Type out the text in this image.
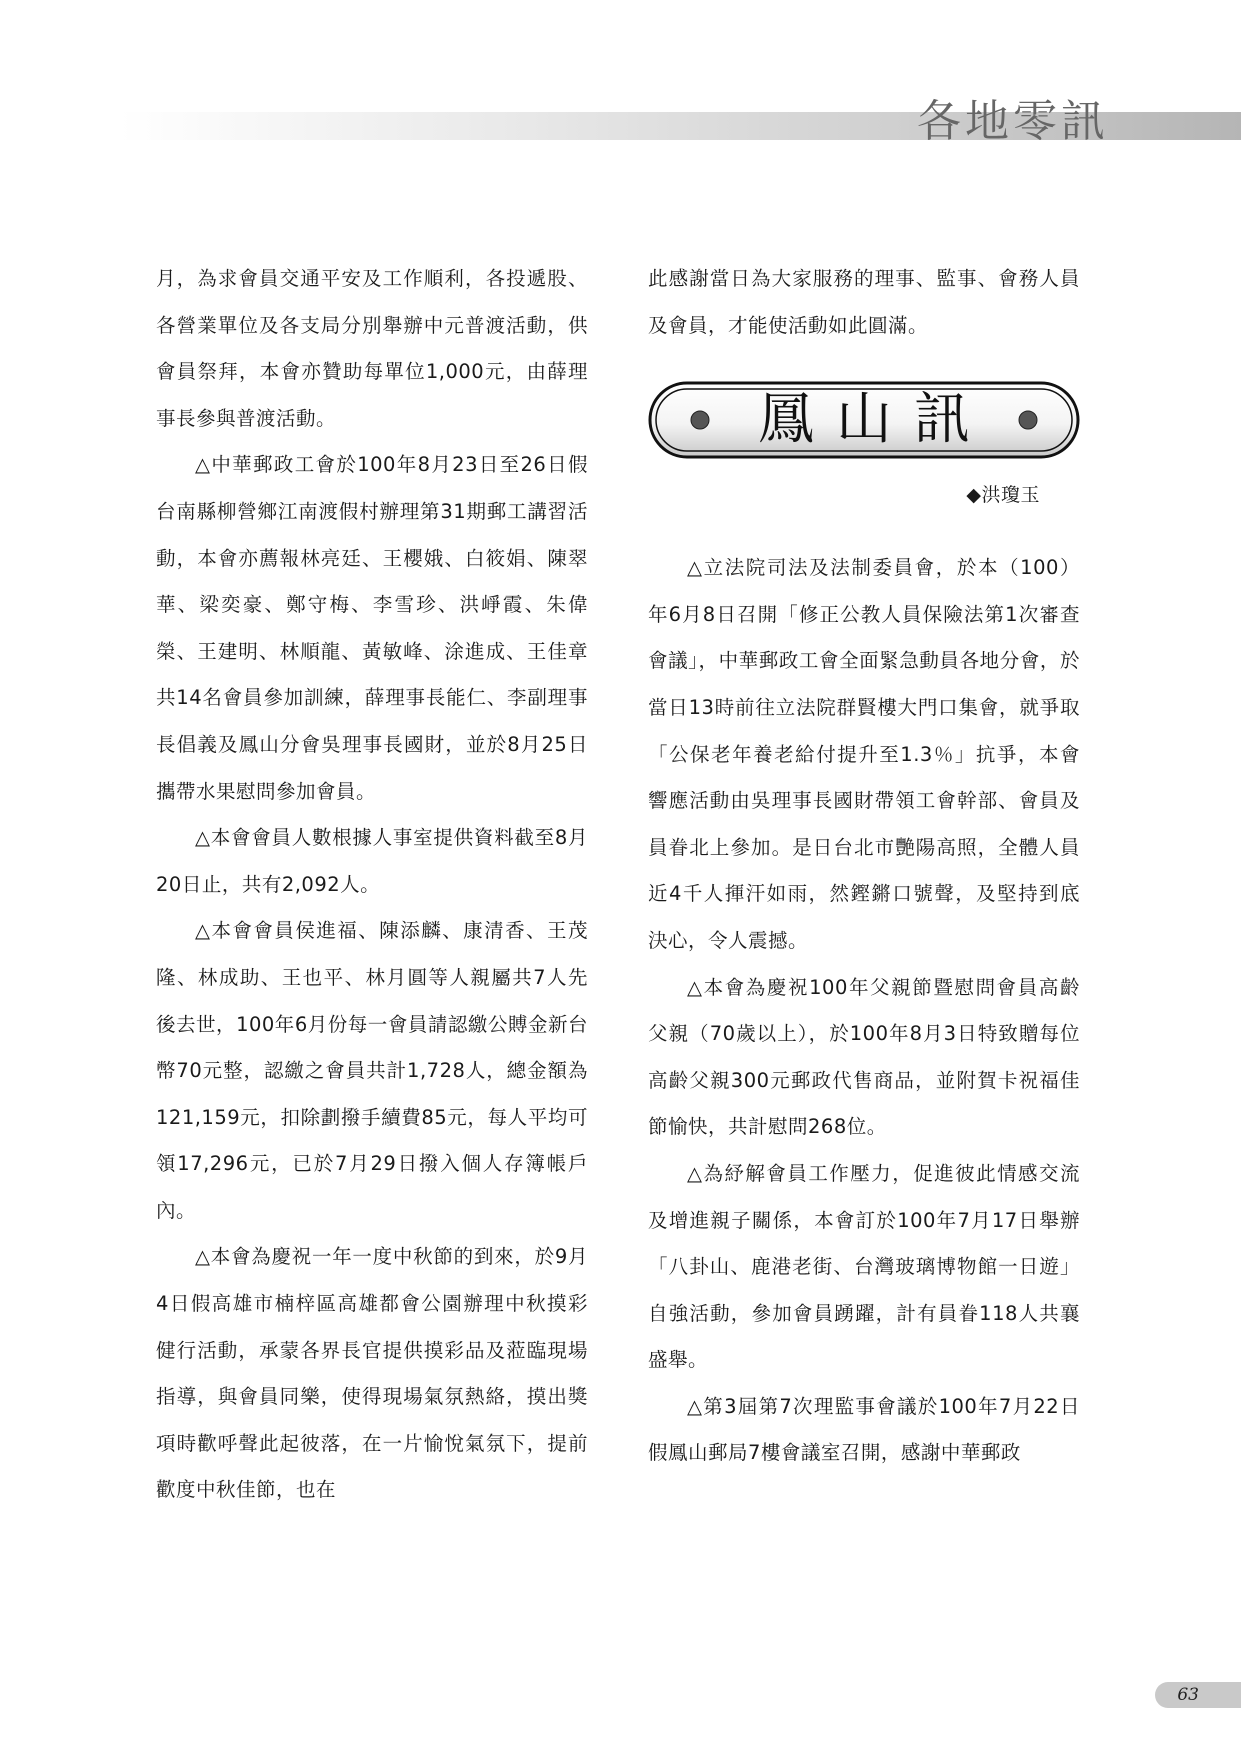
各地零訊

月，為求會員交通平安及工作順利，各投遞股、各營業單位及各支局分別舉辦中元普渡活動，供會員祭拜，本會亦贊助每單位1,000元，由薛理事長參與普渡活動。

△中華郵政工會於100年8月23日至26日假台南縣柳營鄉江南渡假村辦理第31期郵工講習活動，本會亦薦報林亮廷、王櫻娥、白筱娟、陳翠華、梁奕豪、鄭守梅、李雪珍、洪崢霞、朱偉榮、王建明、林順龍、黃敏峰、涂進成、王佳章共14名會員參加訓練，薛理事長能仁、李副理事長倡義及鳳山分會吳理事長國財，並於8月25日攜帶水果慰問參加會員。

△本會會員人數根據人事室提供資料截至8月20日止，共有2,092人。

△本會會員侯進福、陳添麟、康清香、王茂隆、林成助、王也平、林月圓等人親屬共7人先後去世，100年6月份每一會員請認繳公賻金新台幣70元整，認繳之會員共計1,728人，總金額為121,159元，扣除劃撥手續費85元，每人平均可領17,296元，已於7月29日撥入個人存簿帳戶內。

△本會為慶祝一年一度中秋節的到來，於9月4日假高雄市楠梓區高雄都會公園辦理中秋摸彩健行活動，承蒙各界長官提供摸彩品及蒞臨現場指導，與會員同樂，使得現場氣氛熱絡，摸出獎項時歡呼聲此起彼落，在一片愉悅氣氛下，提前歡度中秋佳節，也在

此感謝當日為大家服務的理事、監事、會務人員及會員，才能使活動如此圓滿。

鳳山訊
◆洪瓊玉

△立法院司法及法制委員會，於本（100）年6月8日召開「修正公教人員保險法第1次審查會議」，中華郵政工會全面緊急動員各地分會，於當日13時前往立法院群賢樓大門口集會，就爭取「公保老年養老給付提升至1.3％」抗爭，本會響應活動由吳理事長國財帶領工會幹部、會員及員眷北上參加。是日台北市艷陽高照，全體人員近4千人揮汗如雨，然鏗鏘口號聲，及堅持到底決心，令人震撼。

△本會為慶祝100年父親節暨慰問會員高齡父親（70歲以上），於100年8月3日特致贈每位高齡父親300元郵政代售商品，並附賀卡祝福佳節愉快，共計慰問268位。

△為紓解會員工作壓力，促進彼此情感交流及增進親子關係，本會訂於100年7月17日舉辦「八卦山、鹿港老街、台灣玻璃博物館一日遊」自強活動，參加會員踴躍，計有員眷118人共襄盛舉。

△第3屆第7次理監事會議於100年7月22日假鳳山郵局7樓會議室召開，感謝中華郵政

63
